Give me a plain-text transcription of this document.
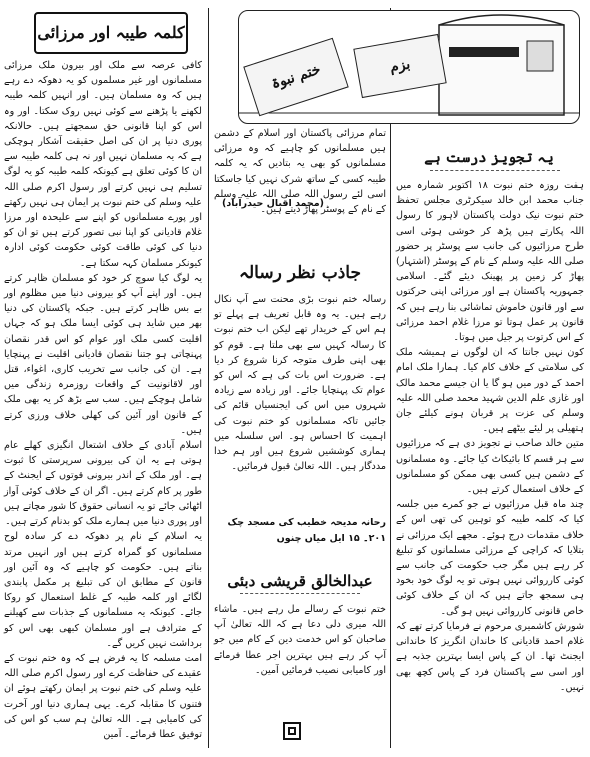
کلمہ طیبہ اور مرزائی

کافی عرصہ سے ملک اور بیرون ملک مرزائی مسلمانوں اور غیر مسلموں کو یہ دھوکہ دے رہے ہیں کہ وہ مسلمان ہیں۔ اور انہیں کلمہ طیبہ لکھنے یا پڑھنے سے کوئی نہیں روک سکتا۔ اور وہ اس کو اپنا قانونی حق سمجھتے ہیں۔ حالانکہ پوری دنیا پر ان کی اصل حقیقت آشکار ہوچکی ہے کہ یہ مسلمان نہیں اور نہ ہی کلمہ طیبہ سے ان کا کوئی تعلق ہے کیونکہ کلمہ طیبہ کو یہ لوگ تسلیم ہی نہیں کرتے اور رسول اکرم صلی اللہ علیہ وسلم کی ختم نبوت پر ایمان ہی نہیں رکھتے اور پورے مسلمانوں کو اپنے سے علیحدہ اور مرزا غلام قادیانی کو اپنا نبی تصور کرتے ہیں تو ان کو دنیا کی کوئی طاقت کوئی حکومت کوئی ادارہ کیونکر مسلمان کہہ سکتا ہے۔

یہ لوگ کیا سوچ کر خود کو مسلمان ظاہر کرتے ہیں۔ اور اپنے آپ کو بیرونی دنیا میں مظلوم اور بے بس ظاہر کرتے ہیں۔ جبکہ پاکستان کی دنیا بھر میں شاید ہی کوئی ایسا ملک ہو کہ جہاں اقلیت کسی ملک اور عوام کو اس قدر نقصان پہنچاتی ہو جتنا نقصان قادیانی اقلیت نے پہنچایا ہے۔ ان کی جانب سے تخریب کاری، اغواء، قتل اور لاقانونیت کے واقعات روزمرہ زندگی میں شامل ہوچکے ہیں۔ سب سے بڑھ کر یہ بھی ملک کے قانون اور آئین کی کھلی خلاف ورزی کرتے ہیں۔

اسلام آبادی کے خلاف اشتعال انگیزی کھلے عام ہوتی ہے یہ ان کی بیرونی سرپرستی کا ثبوت ہے۔ اور ملک کے اندر بیرونی قوتوں کے ایجنٹ کے طور پر کام کرتے ہیں۔ اگر ان کے خلاف کوئی آواز اٹھائی جائے تو یہ انسانی حقوق کا شور مچاتے ہیں اور پوری دنیا میں ہمارے ملک کو بدنام کرتے ہیں۔

یہ اسلام کے نام پر دھوکہ دے کر سادہ لوح مسلمانوں کو گمراہ کرتے ہیں اور انہیں مرتد بناتے ہیں۔ حکومت کو چاہیے کہ وہ آئین اور قانون کے مطابق ان کی تبلیغ پر مکمل پابندی لگائے اور کلمہ طیبہ کے غلط استعمال کو روکا جائے۔ کیونکہ یہ مسلمانوں کے جذبات سے کھیلنے کے مترادف ہے اور مسلمان کبھی بھی اس کو برداشت نہیں کریں گے۔

امت مسلمہ کا یہ فرض ہے کہ وہ ختم نبوت کے عقیدے کی حفاظت کرے اور رسول اکرم صلی اللہ علیہ وسلم کی ختم نبوت پر ایمان رکھتے ہوئے ان فتنوں کا مقابلہ کرے۔ یہی ہماری دنیا اور آخرت کی کامیابی ہے۔ اللہ تعالیٰ ہم سب کو اس کی توفیق عطا فرمائے۔ آمین

تمام مرزائی پاکستان اور اسلام کے دشمن ہیں مسلمانوں کو چاہیے کہ وہ مرزائی مسلمانوں کو بھی یہ بتادیں کہ یہ کلمہ طیبہ کسی کے ساتھ شرک نہیں کیا جاسکتا اسی لئے رسول اللہ صلی اللہ علیہ وسلم کے نام کے پوسٹر پھاڑ دیتے ہیں۔

(محمد اقبال حیدرآباد)
جاذب نظر رسالہ

رسالہ ختم نبوت بڑی محنت سے آپ نکال رہے ہیں۔ یہ وہ قابل تعریف ہے پہلے تو ہم اس کے خریدار تھے لیکن اب ختم نبوت کا رسالہ کہیں سے بھی ملتا ہے۔ قوم کو بھی اپنی طرف متوجہ کرنا شروع کر دیا ہے۔ ضرورت اس بات کی ہے کہ اس کو عوام تک پہنچایا جائے۔ اور زیادہ سے زیادہ شہروں میں اس کی ایجنسیاں قائم کی جائیں تاکہ مسلمانوں کو ختم نبوت کی اہمیت کا احساس ہو۔ اس سلسلہ میں ہماری کوششیں شروع ہیں اور ہم خدا مددگار ہیں۔ اللہ تعالیٰ قبول فرمائیں۔

رحانہ مدیحہ خطیب کی مسجد چک ۲۰۱۔ ۱۵ ایل میاں چنوں
عبدالخالق قریشی دبئی

ختم نبوت کے رسالے مل رہے ہیں۔ ماشاء اللہ میری دلی دعا ہے کہ اللہ تعالیٰ آپ صاحبان کو اس خدمت دین کے کام میں جو آپ کر رہے ہیں بہترین اجر عطا فرمائے اور کامیابی نصیب فرمائیں آمین۔

ختم نبوۃ	بزم
یہ تجویز درست ہے

ہفت روزہ ختم نبوت ۱۸ اکتوبر شمارہ میں جناب محمد ابن خالد سیکرٹری مجلس تحفظ ختم نبوت نیک دولت پاکستان لاہور کا رسول اللہ پکارتے ہیں پڑھ کر خوشی ہوئی اسی طرح مرزائیوں کی جانب سے پوسٹر پر حضور صلی اللہ علیہ وسلم کے نام کے پوسٹر (اشتہار) پھاڑ کر زمین پر پھینک دیئے گئے۔ اسلامی جمہوریہ پاکستان ہے اور مرزائی اپنی حرکتوں سے اور قانون خاموش تماشائی بنا رہے ہیں کہ قانون پر عمل ہوتا تو مرزا غلام احمد مرزائی کے اس کرتوت پر جیل میں ہوتا۔

کون نہیں جانتا کہ ان لوگوں نے ہمیشہ ملک کی سلامتی کے خلاف کام کیا۔ ہمارا ملک امام احمد کے دور میں ہو گا یا ان جیسے محمد مالک اور غازی علم الدین شہید محمد صلی اللہ علیہ وسلم کی عزت پر قربان ہونے کیلئے جان ہتھیلی پر لیئے بیٹھے ہیں۔

متین خالد صاحب نے تجویز دی ہے کہ مرزائیوں سے ہر قسم کا بائیکاٹ کیا جائے۔ وہ مسلمانوں کے دشمن ہیں کسی بھی ممکن کو مسلمانوں کے خلاف استعمال کرتے ہیں۔

چند ماہ قبل مرزائیوں نے جو کمرے میں جلسہ کیا کہ کلمہ طیبہ کو توہین کی تھی اس کے خلاف مقدمات درج ہوئے۔ مجھے ایک مرزائی نے بتلایا کہ کراچی کے مرزائی مسلمانوں کو تبلیغ کر رہے ہیں مگر جب حکومت کی جانب سے کوئی کارروائی نہیں ہوتی تو یہ لوگ خود بخود ہی سمجھ جاتے ہیں کہ ان کے خلاف کوئی خاص قانونی کارروائی نہیں ہو گی۔

شورش کاشمیری مرحوم نے فرمایا کرتے تھے کہ غلام احمد قادیانی کا خاندان انگریز کا خاندانی ایجنٹ تھا۔ ان کے پاس ایسا بہترین جذبہ ہے اور اسی سے پاکستان فرد کے پاس کچھ بھی نہیں۔
